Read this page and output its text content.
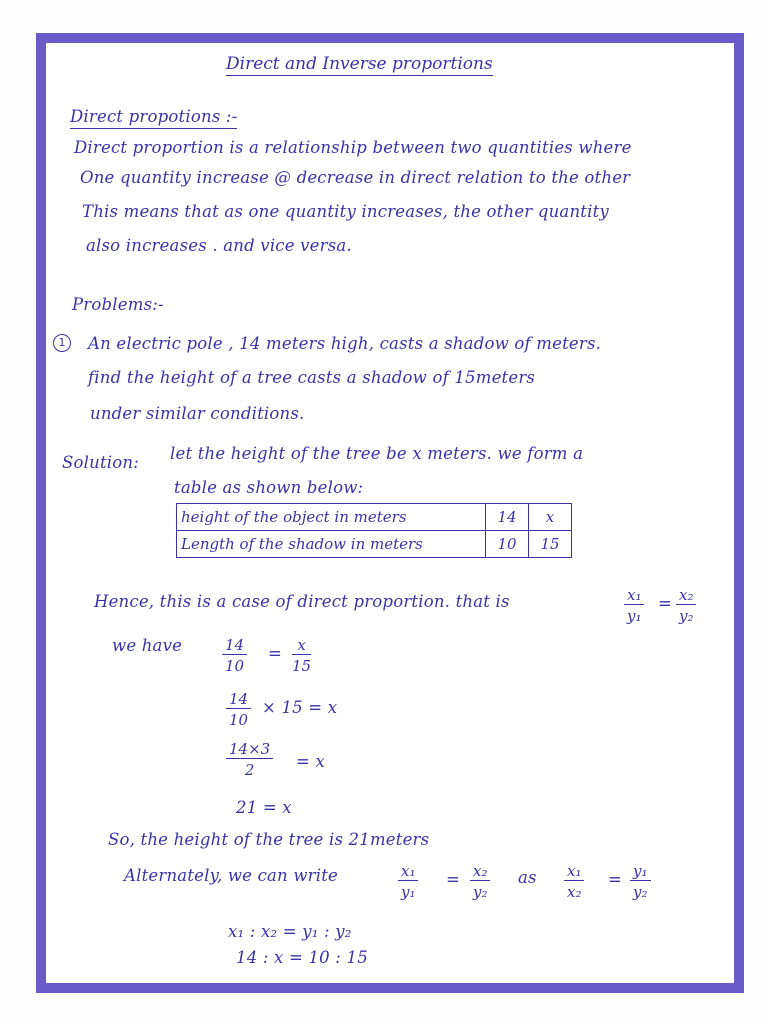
Direct and Inverse proportions
Direct propotions :-
Direct proportion is a relationship between two quantities where
One quantity increase @ decrease in direct relation to the other
This means that as one quantity increases, the other quantity
also increases . and vice versa.
Problems:-
1	An electric pole , 14 meters high, casts a shadow of meters.
find the height of a tree casts a shadow of 15meters
under similar conditions.
Solution: let the height of the tree be x meters. we form a
table as shown below:
height of the object in meters	14	x
Length of the shadow in meters	10	15
Hence, this is a case of direct proportion. that is	$\frac{\text{x₁}}{\text{y₁}} = \frac{\text{x₂}}{\text{y₂}}$
we have	$\frac{14}{10} = \frac{x}{15}$
$\frac{14}{10} \times 15 = x$
$\frac{14\times 3}{2} = x$
21 = x
So, the height of the tree is 21meters
Alternately, we can write	$\frac{\text{x₁}}{\text{y₁}} = \frac{\text{x₂}}{\text{y₂}}$ as $\frac{\text{x₁}}{\text{x₂}} = \frac{\text{y₁}}{\text{y₂}}$
x₁ : x₂ = y₁ : y₂
14 : x = 10 : 15
